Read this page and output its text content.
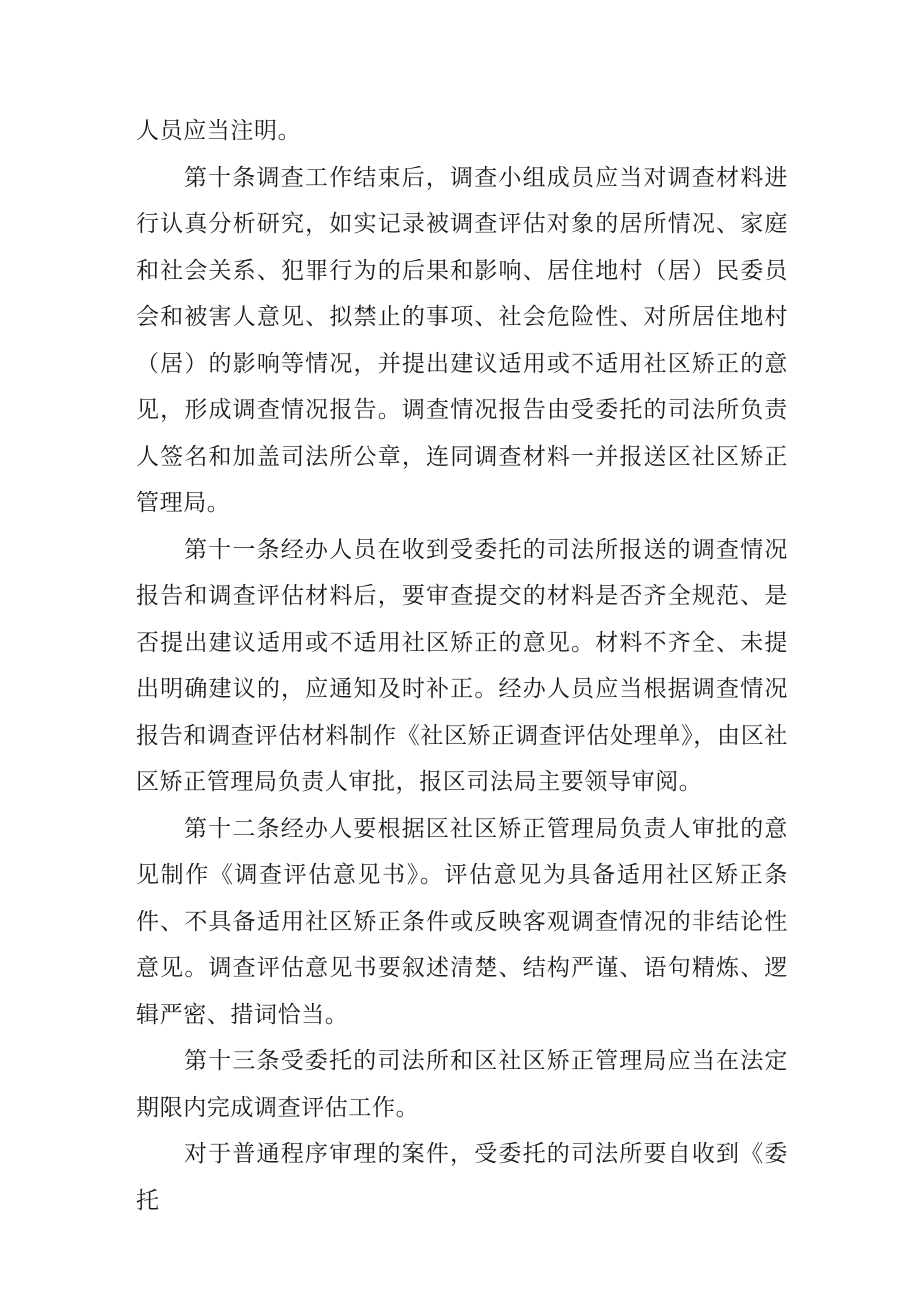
人员应当注明。

第十条调查工作结束后，调查小组成员应当对调查材料进行认真分析研究，如实记录被调查评估对象的居所情况、家庭和社会关系、犯罪行为的后果和影响、居住地村（居）民委员会和被害人意见、拟禁止的事项、社会危险性、对所居住地村（居）的影响等情况，并提出建议适用或不适用社区矫正的意见，形成调查情况报告。调查情况报告由受委托的司法所负责人签名和加盖司法所公章，连同调查材料一并报送区社区矫正管理局。

第十一条经办人员在收到受委托的司法所报送的调查情况报告和调查评估材料后，要审查提交的材料是否齐全规范、是否提出建议适用或不适用社区矫正的意见。材料不齐全、未提出明确建议的，应通知及时补正。经办人员应当根据调查情况报告和调查评估材料制作《社区矫正调查评估处理单》，由区社区矫正管理局负责人审批，报区司法局主要领导审阅。

第十二条经办人要根据区社区矫正管理局负责人审批的意见制作《调查评估意见书》。评估意见为具备适用社区矫正条件、不具备适用社区矫正条件或反映客观调查情况的非结论性意见。调查评估意见书要叙述清楚、结构严谨、语句精炼、逻辑严密、措词恰当。

第十三条受委托的司法所和区社区矫正管理局应当在法定期限内完成调查评估工作。

对于普通程序审理的案件，受委托的司法所要自收到《委托
